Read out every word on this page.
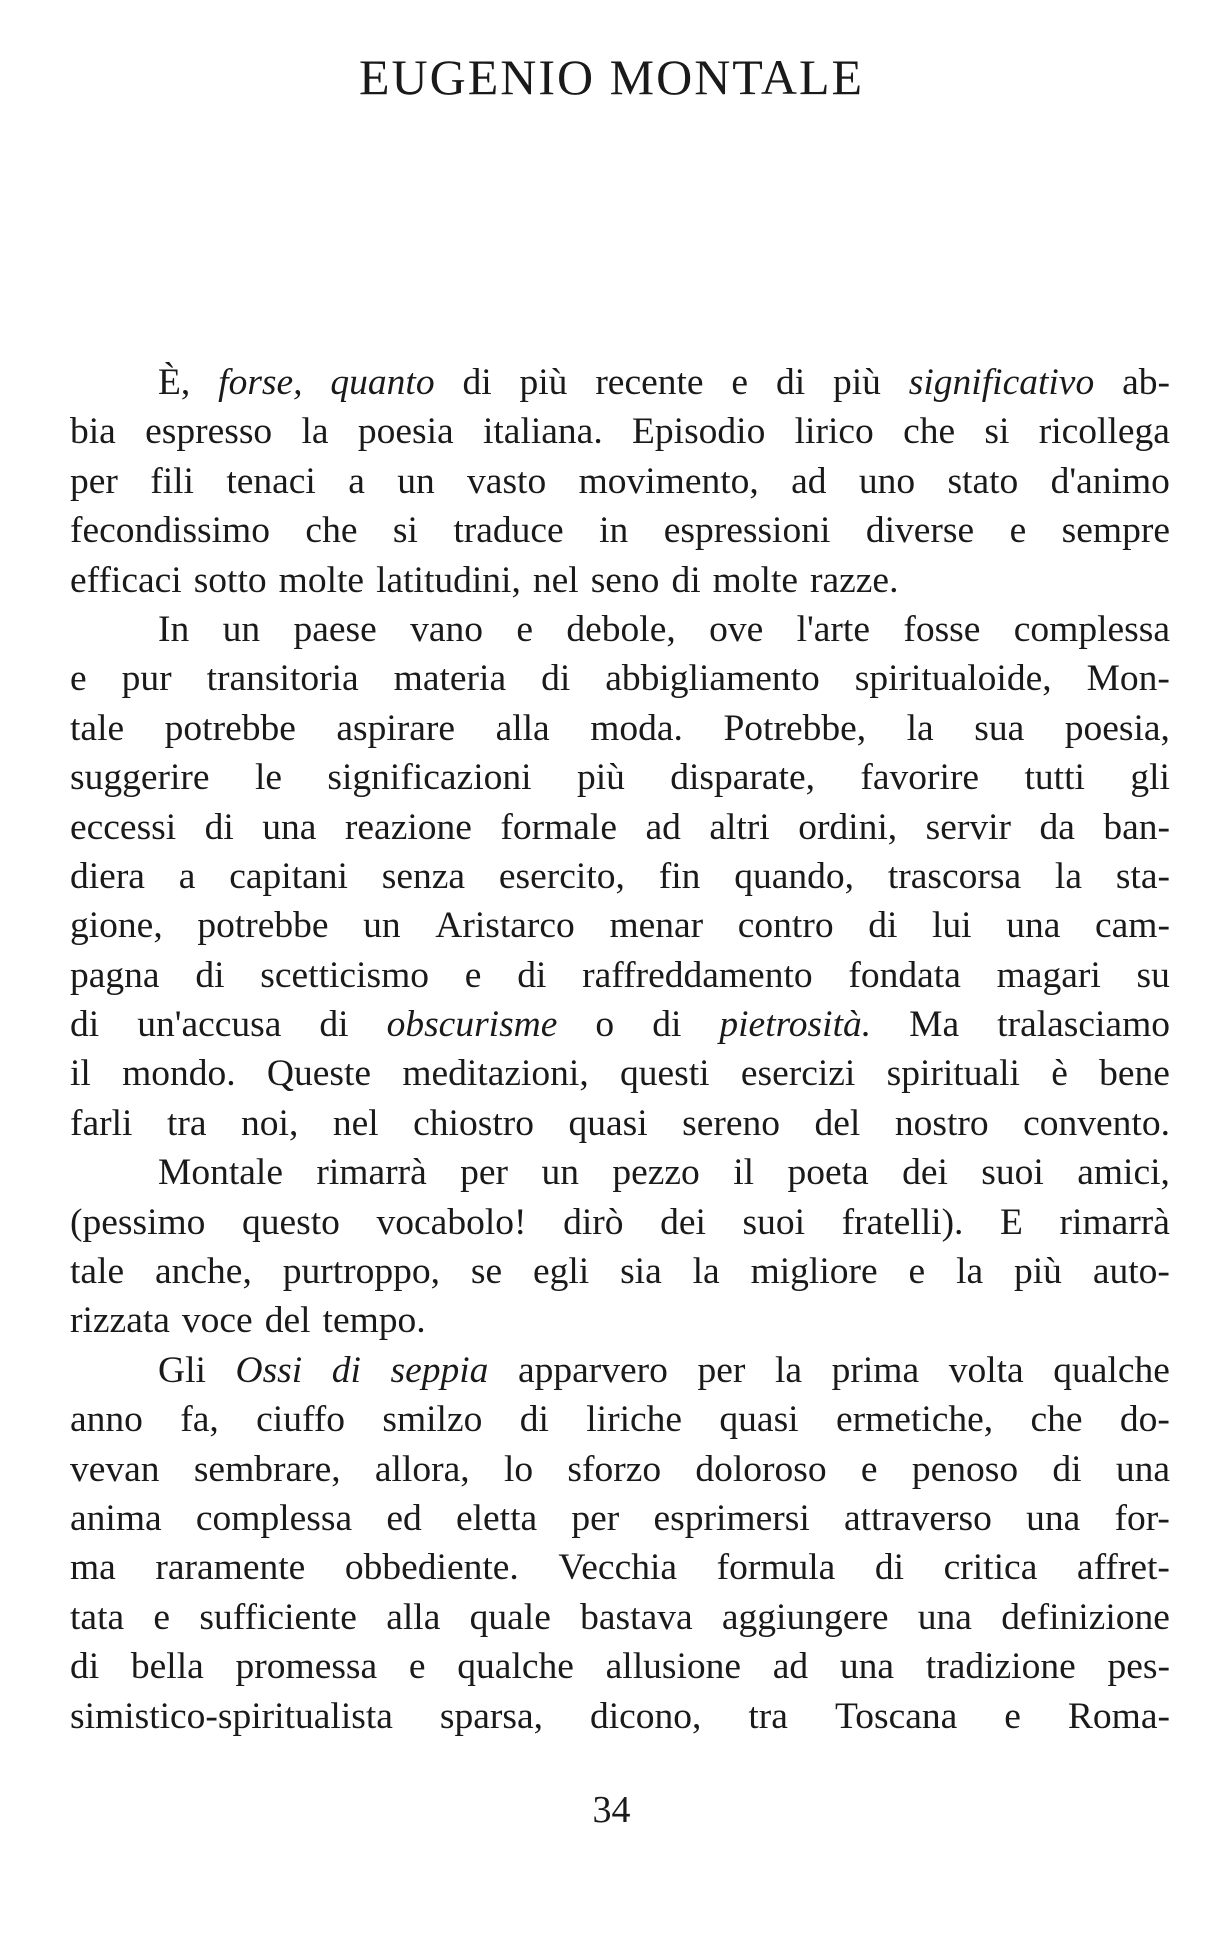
EUGENIO MONTALE
È, forse, quanto di più recente e di più significativo ab-
bia espresso la poesia italiana. Episodio lirico che si ricollega
per fili tenaci a un vasto movimento, ad uno stato d'animo
fecondissimo che si traduce in espressioni diverse e sempre
efficaci sotto molte latitudini, nel seno di molte razze.
In un paese vano e debole, ove l'arte fosse complessa
e pur transitoria materia di abbigliamento spiritualoide, Mon-
tale potrebbe aspirare alla moda. Potrebbe, la sua poesia,
suggerire le significazioni più disparate, favorire tutti gli
eccessi di una reazione formale ad altri ordini, servir da ban-
diera a capitani senza esercito, fin quando, trascorsa la sta-
gione, potrebbe un Aristarco menar contro di lui una cam-
pagna di scetticismo e di raffreddamento fondata magari su
di un'accusa di obscurisme o di pietrosità. Ma tralasciamo
il mondo. Queste meditazioni, questi esercizi spirituali è bene
farli tra noi, nel chiostro quasi sereno del nostro convento.
Montale rimarrà per un pezzo il poeta dei suoi amici,
(pessimo questo vocabolo! dirò dei suoi fratelli). E rimarrà
tale anche, purtroppo, se egli sia la migliore e la più auto-
rizzata voce del tempo.
Gli Ossi di seppia apparvero per la prima volta qualche
anno fa, ciuffo smilzo di liriche quasi ermetiche, che do-
vevan sembrare, allora, lo sforzo doloroso e penoso di una
anima complessa ed eletta per esprimersi attraverso una for-
ma raramente obbediente. Vecchia formula di critica affret-
tata e sufficiente alla quale bastava aggiungere una definizione
di bella promessa e qualche allusione ad una tradizione pes-
simistico-spiritualista sparsa, dicono, tra Toscana e Roma-
34
